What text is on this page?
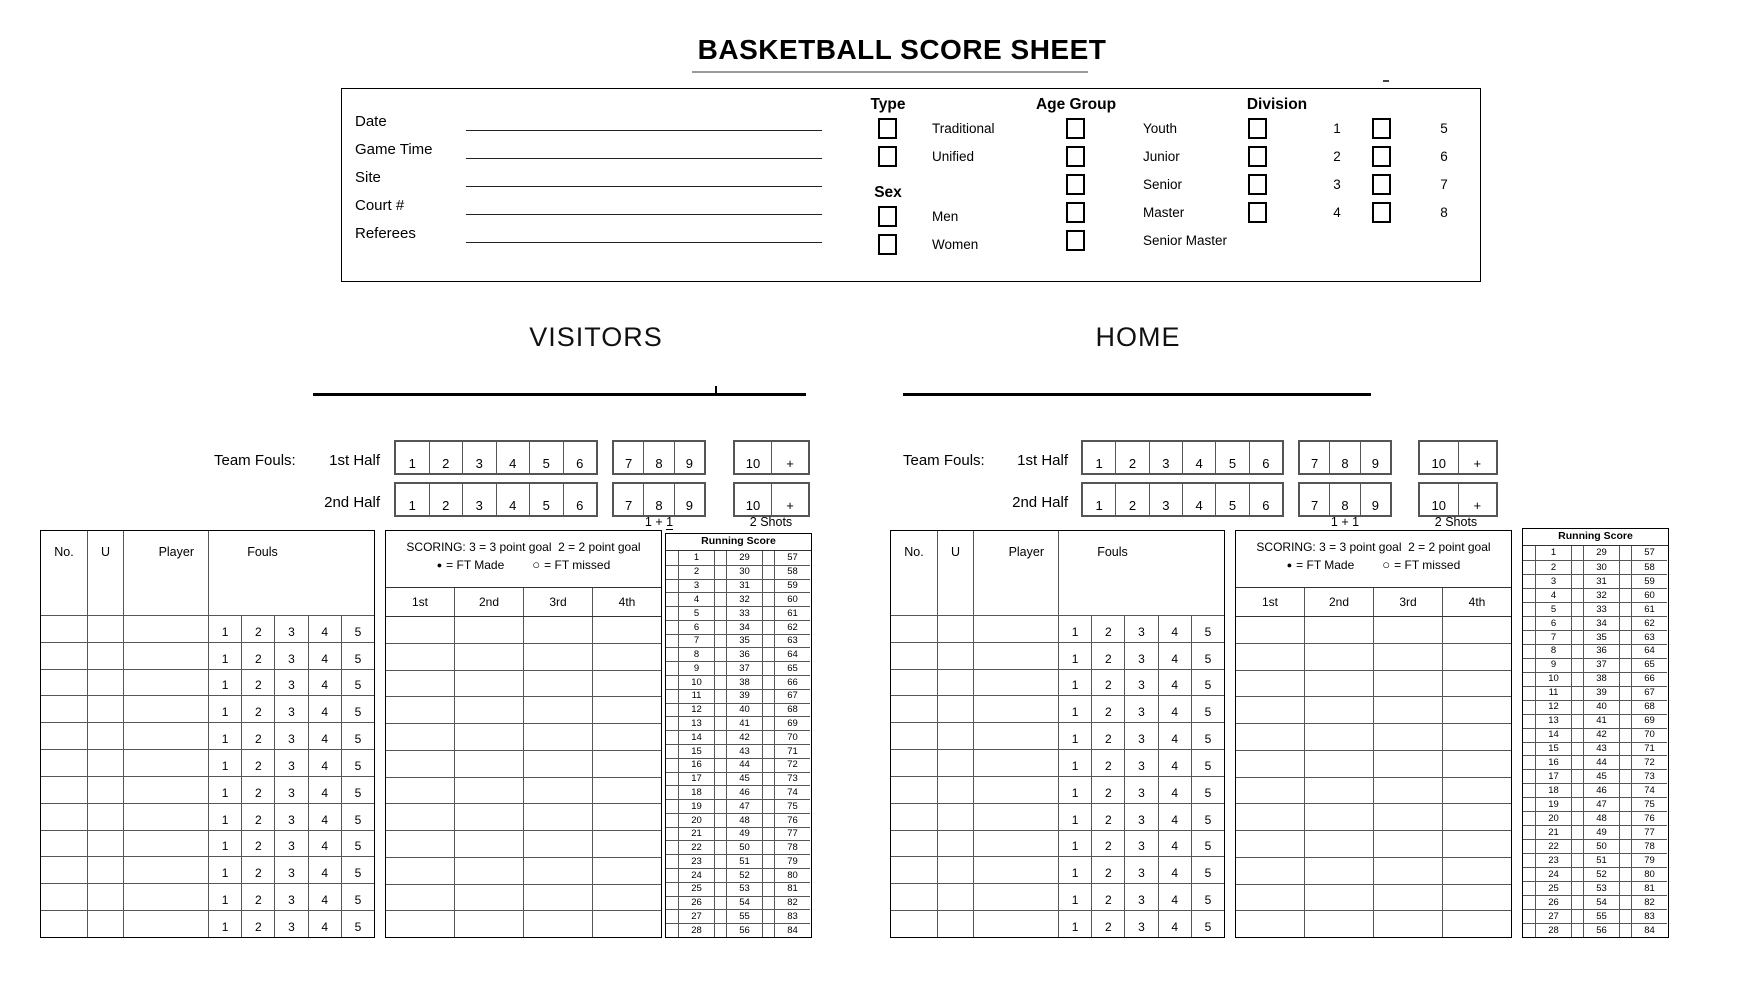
BASKETBALL SCORE SHEET
Date
Game Time
Site
Court #
Referees
Type
Traditional
Unified
Sex
Men
Women
Age Group
Youth
Junior
Senior
Master
Senior Master
Division
1
2
3
4
5
6
7
8
VISITORS
Team Fouls:	1st Half
2nd Half
1	2	3	4	5	6	7	8	9	10	+
1	2	3	4	5	6	7	8	9	10	+
1 + 1	2 Shots
No.	U	Player	Fouls
1	2	3	4	5
1	2	3	4	5
1	2	3	4	5
1	2	3	4	5
1	2	3	4	5
1	2	3	4	5
1	2	3	4	5
1	2	3	4	5
1	2	3	4	5
1	2	3	4	5
1	2	3	4	5
1	2	3	4	5
SCORING: 3 = 3 point goal  2 = 2 point goal
● = FT Made ○ = FT missed
1st	2nd	3rd	4th
Running Score
1	29	57
2	30	58
3	31	59
4	32	60
5	33	61
6	34	62
7	35	63
8	36	64
9	37	65
10	38	66
11	39	67
12	40	68
13	41	69
14	42	70
15	43	71
16	44	72
17	45	73
18	46	74
19	47	75
20	48	76
21	49	77
22	50	78
23	51	79
24	52	80
25	53	81
26	54	82
27	55	83
28	56	84
HOME
Team Fouls:	1st Half
2nd Half
1	2	3	4	5	6	7	8	9	10	+
1	2	3	4	5	6	7	8	9	10	+
1 + 1	2 Shots
No.	U	Player	Fouls
1	2	3	4	5
1	2	3	4	5
1	2	3	4	5
1	2	3	4	5
1	2	3	4	5
1	2	3	4	5
1	2	3	4	5
1	2	3	4	5
1	2	3	4	5
1	2	3	4	5
1	2	3	4	5
1	2	3	4	5
SCORING: 3 = 3 point goal  2 = 2 point goal
● = FT Made ○ = FT missed
1st	2nd	3rd	4th
Running Score
1	29	57
2	30	58
3	31	59
4	32	60
5	33	61
6	34	62
7	35	63
8	36	64
9	37	65
10	38	66
11	39	67
12	40	68
13	41	69
14	42	70
15	43	71
16	44	72
17	45	73
18	46	74
19	47	75
20	48	76
21	49	77
22	50	78
23	51	79
24	52	80
25	53	81
26	54	82
27	55	83
28	56	84
